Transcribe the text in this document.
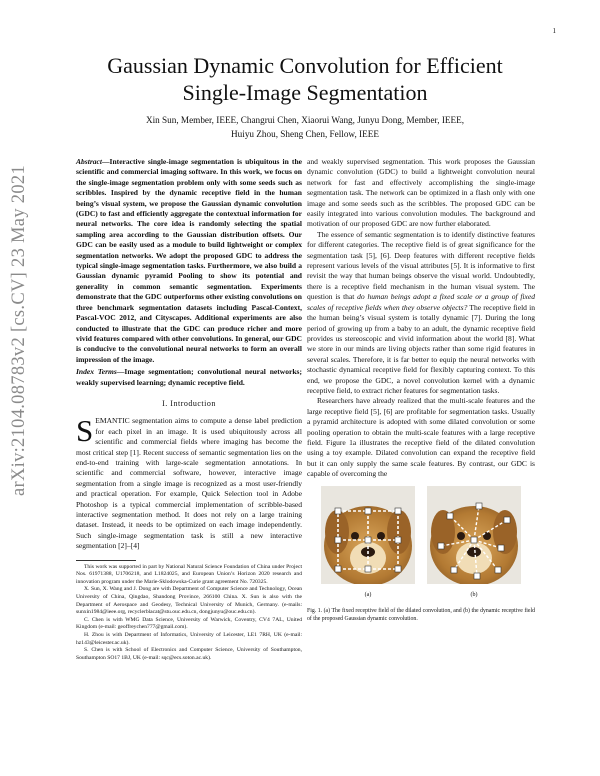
1
arXiv:2104.08783v2 [cs.CV] 23 May 2021
Gaussian Dynamic Convolution for Efficient
Single-Image Segmentation

Xin Sun, Member, IEEE, Changrui Chen, Xiaorui Wang, Junyu Dong, Member, IEEE,
Huiyu Zhou, Sheng Chen, Fellow, IEEE

Abstract—Interactive single-image segmentation is ubiquitous in the scientific and commercial imaging software. In this work, we focus on the single-image segmentation problem only with some seeds such as scribbles. Inspired by the dynamic receptive field in the human being’s visual system, we propose the Gaussian dynamic convolution (GDC) to fast and efficiently aggregate the contextual information for neural networks. The core idea is randomly selecting the spatial sampling area according to the Gaussian distribution offsets. Our GDC can be easily used as a module to build lightweight or complex segmentation networks. We adopt the proposed GDC to address the typical single-image segmentation tasks. Furthermore, we also build a Gaussian dynamic pyramid Pooling to show its potential and generality in common semantic segmentation. Experiments demonstrate that the GDC outperforms other existing convolutions on three benchmark segmentation datasets including Pascal-Context, Pascal-VOC 2012, and Cityscapes. Additional experiments are also conducted to illustrate that the GDC can produce richer and more vivid features compared with other convolutions. In general, our GDC is conducive to the convolutional neural networks to form an overall impression of the image.

Index Terms—Image segmentation; convolutional neural networks; weakly supervised learning; dynamic receptive field.

I. Introduction

SEMANTIC segmentation aims to compute a dense label prediction for each pixel in an image. It is used ubiquitously across all scientific and commercial fields where imaging has become the most critical step [1]. Recent success of semantic segmentation lies on the end-to-end training with large-scale segmentation annotations. In scientific and commercial software, however, interactive image segmentation from a single image is recognized as a most user-friendly and practical operation. For example, Quick Selection tool in Adobe Photoshop is a typical commercial implementation of scribble-based interactive segmentation method. It does not rely on a large training dataset. Instead, it needs to be optimized on each image independently. Such single-image segmentation task is still a new interactive segmentation [2]–[4]

This work was supported in part by National Natural Science Foundation of China under Project Nos. 61971388, U1706218, and L1824025, and European Union’s Horizon 2020 research and innovation program under the Marie-Sklodowska-Curie grant agreement No. 720325.

X. Sun, X. Wang and J. Dong are with Department of Computer Science and Technology, Ocean University of China, Qingdao, Shandong Province, 266100 China. X. Sun is also with the Department of Aerospace and Geodesy, Technical University of Munich, Germany. (e-mails: sunxin1984@ieee.org, recyclerblacat@stu.ouc.edu.cn, dongjunyu@ouc.edu.cn).

C. Chen is with WMG Data Science, University of Warwick, Coventry, CV4 7AL, United Kingdom (e-mail: geoffreychen777@gmail.com).

H. Zhou is with Department of Informatics, University of Leicester, LE1 7RH, UK (e-mail: hz143@leicester.ac.uk).

S. Chen is with School of Electronics and Computer Science, University of Southampton, Southampton SO17 1BJ, UK (e-mail: sqc@ecs.soton.ac.uk).

and weakly supervised segmentation. This work proposes the Gaussian dynamic convolution (GDC) to build a lightweight convolution neural network for fast and effectively accomplishing the single-image segmentation task. The network can be optimized in a flash only with one image and some seeds such as the scribbles. The proposed GDC can be easily integrated into various convolution modules. The background and motivation of our proposed GDC are now further elaborated.

The essence of semantic segmentation is to identify distinctive features for different categories. The receptive field is of great significance for the segmentation task [5], [6]. Deep features with different receptive fields represent various levels of the visual attributes [5]. It is informative to first revisit the way that human beings observe the visual world. Undoubtedly, there is a receptive field mechanism in the human visual system. The question is that do human beings adopt a fixed scale or a group of fixed scales of receptive fields when they observe objects? The receptive field in the human being’s visual system is totally dynamic [7]. During the long period of growing up from a baby to an adult, the dynamic receptive field provides us stereoscopic and vivid information about the world [8]. What we store in our minds are living objects rather than some rigid features in several scales. Therefore, it is far better to equip the neural networks with stochastic dynamical receptive field for flexibly capturing context. To this end, we propose the GDC, a novel convolution kernel with a dynamic receptive field, to extract richer features for segmentation tasks.

Researchers have already realized that the multi-scale features and the large receptive field [5], [6] are profitable for segmentation tasks. Usually a pyramid architecture is adopted with some dilated convolution or some pooling operation to obtain the multi-scale features with a large receptive field. Figure 1a illustrates the receptive field of the dilated convolution using a toy example. Dilated convolution can expand the receptive field but it can only supply the same scale features. By contrast, our GDC is capable of overcoming the

(a)	(b)

Fig. 1. (a) The fixed receptive field of the dilated convolution, and (b) the dynamic receptive field of the proposed Gaussian dynamic convolution.
